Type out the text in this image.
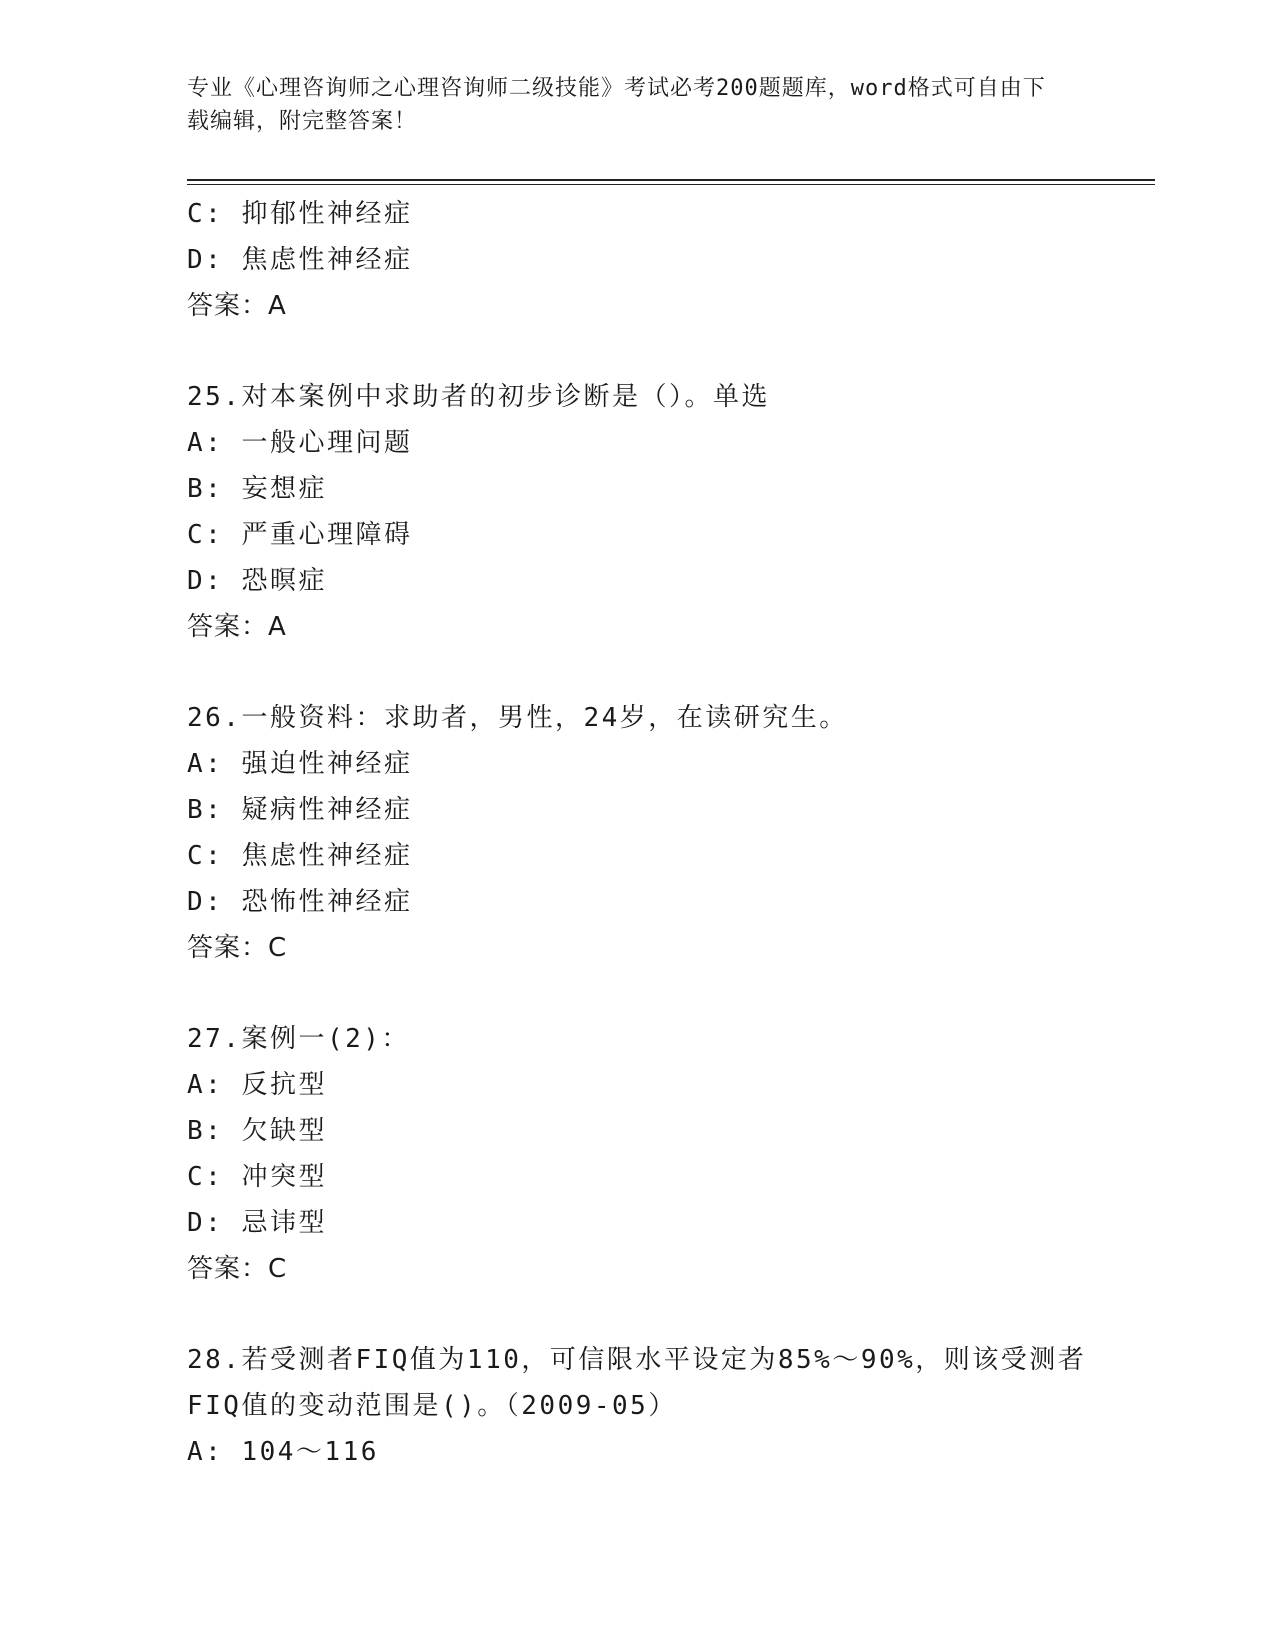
专业《心理咨询师之心理咨询师二级技能》考试必考200题题库，word格式可自由下载编辑，附完整答案！
C: 抑郁性神经症
D: 焦虑性神经症
答案：A
25.对本案例中求助者的初步诊断是（）。单选
A: 一般心理问题
B: 妄想症
C: 严重心理障碍
D: 恐暝症
答案：A
26.一般资料：求助者，男性，24岁，在读研究生。
A: 强迫性神经症
B: 疑病性神经症
C: 焦虑性神经症
D: 恐怖性神经症
答案：C
27.案例一(2)：
A: 反抗型
B: 欠缺型
C: 冲突型
D: 忌讳型
答案：C
28.若受测者FIQ值为110，可信限水平设定为85%～90%，则该受测者FIQ值的变动范围是()。（2009-05）
A: 104～116
